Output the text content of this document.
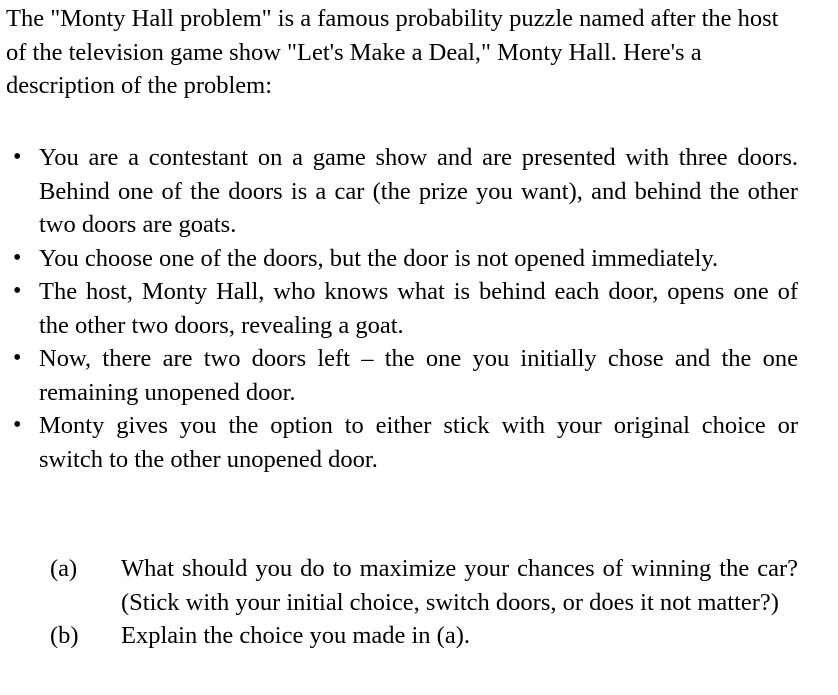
The "Monty Hall problem" is a famous probability puzzle named after the host of the television game show "Let's Make a Deal," Monty Hall. Here's a description of the problem:

• You are a contestant on a game show and are presented with three doors. Behind one of the doors is a car (the prize you want), and behind the other two doors are goats.
• You choose one of the doors, but the door is not opened immediately.
• The host, Monty Hall, who knows what is behind each door, opens one of the other two doors, revealing a goat.
• Now, there are two doors left – the one you initially chose and the one remaining unopened door.
• Monty gives you the option to either stick with your original choice or switch to the other unopened door.
(a) What should you do to maximize your chances of winning the car? (Stick with your initial choice, switch doors, or does it not matter?)
(b) Explain the choice you made in (a).
